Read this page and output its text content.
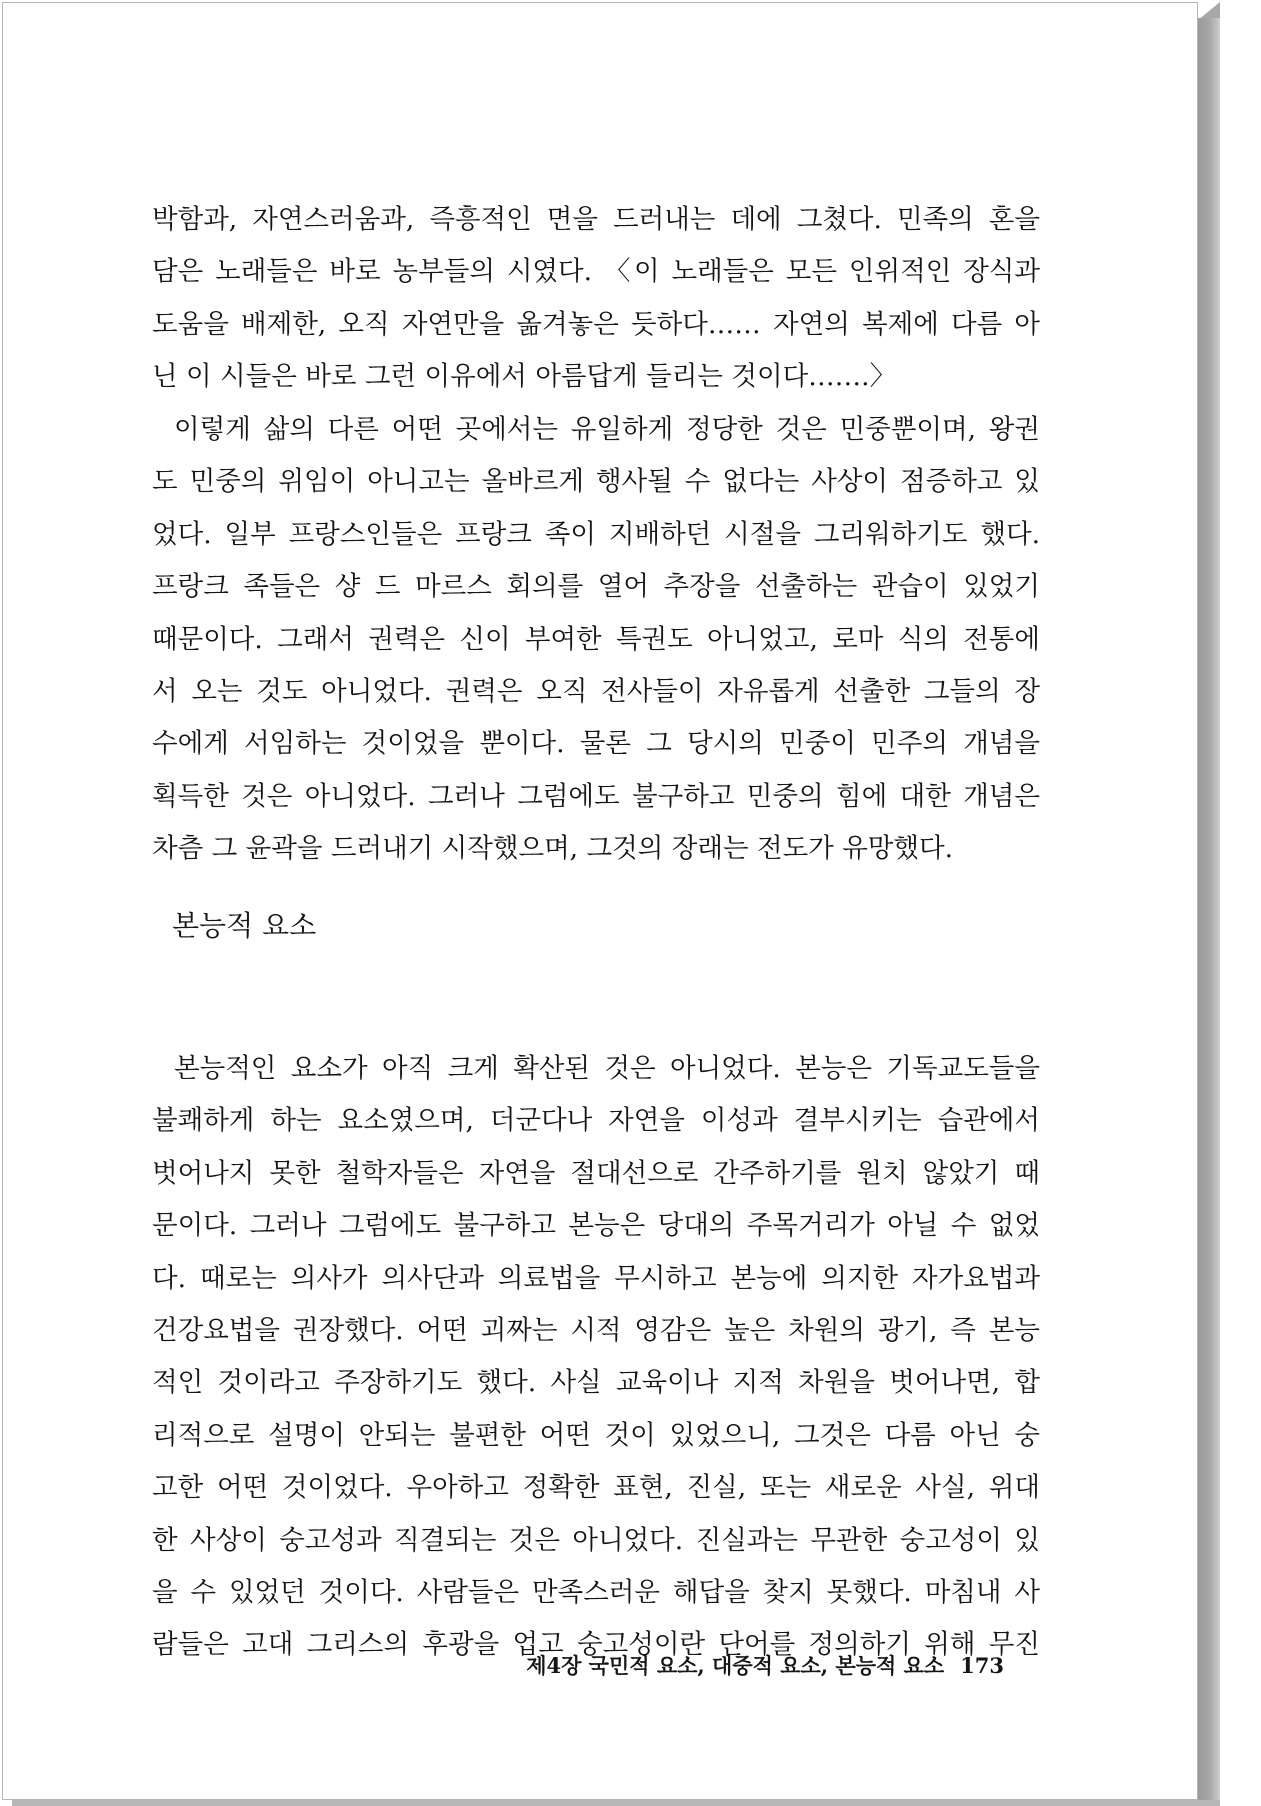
박함과, 자연스러움과, 즉흥적인 면을 드러내는 데에 그쳤다. 민족의 혼을
담은 노래들은 바로 농부들의 시였다. 〈이 노래들은 모든 인위적인 장식과
도움을 배제한, 오직 자연만을 옮겨놓은 듯하다…… 자연의 복제에 다름 아
닌 이 시들은 바로 그런 이유에서 아름답게 들리는 것이다…….〉
이렇게 삶의 다른 어떤 곳에서는 유일하게 정당한 것은 민중뿐이며, 왕권
도 민중의 위임이 아니고는 올바르게 행사될 수 없다는 사상이 점증하고 있
었다. 일부 프랑스인들은 프랑크 족이 지배하던 시절을 그리워하기도 했다.
프랑크 족들은 샹 드 마르스 회의를 열어 추장을 선출하는 관습이 있었기
때문이다. 그래서 권력은 신이 부여한 특권도 아니었고, 로마 식의 전통에
서 오는 것도 아니었다. 권력은 오직 전사들이 자유롭게 선출한 그들의 장
수에게 서임하는 것이었을 뿐이다. 물론 그 당시의 민중이 민주의 개념을
획득한 것은 아니었다. 그러나 그럼에도 불구하고 민중의 힘에 대한 개념은
차츰 그 윤곽을 드러내기 시작했으며, 그것의 장래는 전도가 유망했다.
본능적 요소
본능적인 요소가 아직 크게 확산된 것은 아니었다. 본능은 기독교도들을
불쾌하게 하는 요소였으며, 더군다나 자연을 이성과 결부시키는 습관에서
벗어나지 못한 철학자들은 자연을 절대선으로 간주하기를 원치 않았기 때
문이다. 그러나 그럼에도 불구하고 본능은 당대의 주목거리가 아닐 수 없었
다. 때로는 의사가 의사단과 의료법을 무시하고 본능에 의지한 자가요법과
건강요법을 권장했다. 어떤 괴짜는 시적 영감은 높은 차원의 광기, 즉 본능
적인 것이라고 주장하기도 했다. 사실 교육이나 지적 차원을 벗어나면, 합
리적으로 설명이 안되는 불편한 어떤 것이 있었으니, 그것은 다름 아닌 숭
고한 어떤 것이었다. 우아하고 정확한 표현, 진실, 또는 새로운 사실, 위대
한 사상이 숭고성과 직결되는 것은 아니었다. 진실과는 무관한 숭고성이 있
을 수 있었던 것이다. 사람들은 만족스러운 해답을 찾지 못했다. 마침내 사
람들은 고대 그리스의 후광을 업고 숭고성이란 단어를 정의하기 위해 무진
제4장 국민적 요소, 대중적 요소, 본능적 요소 173
